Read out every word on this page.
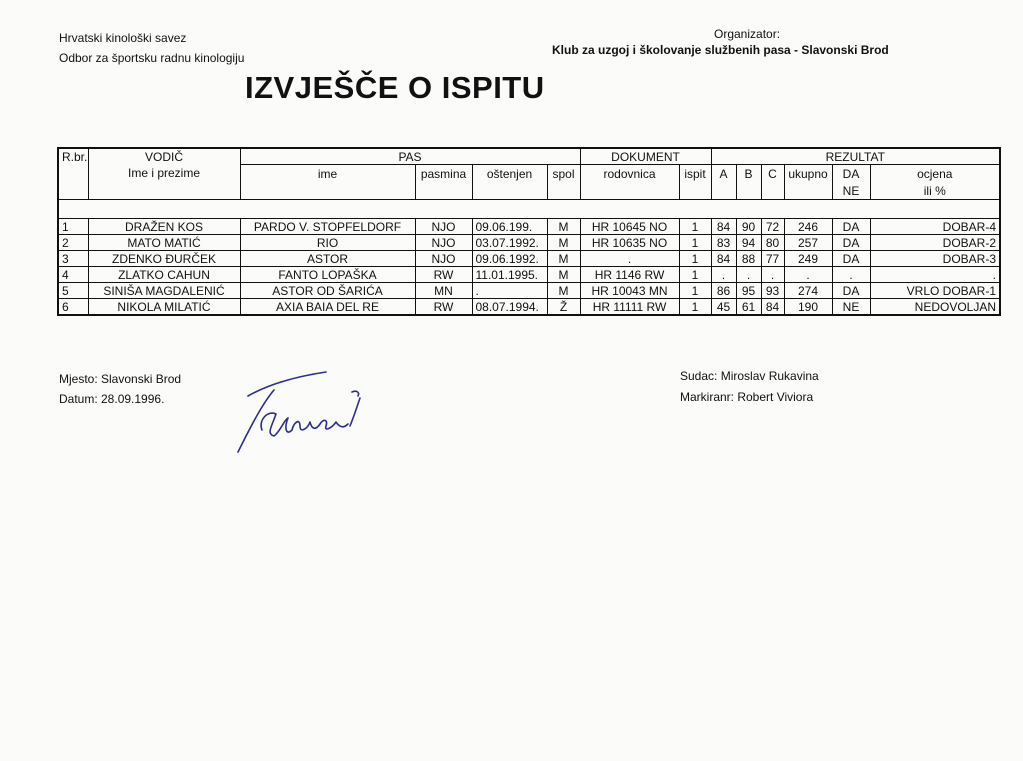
Hrvatski kinološki savez
Odbor za športsku radnu kinologiju
Organizator:
Klub za uzgoj i školovanje službenih pasa - Slavonski Brod
IZVJEŠČE O ISPITU
R.br.	VODIČ	PAS				DOKUMENT		REZULTAT					
	Ime i prezime	ime	pasmina	oštenjen	spol	rodovnica	ispit	A	B	C	ukupno	DA	ocjena
												NE	ili %

1	DRAŽEN KOS	PARDO V. STOPFELDORF	NJO	09.06.199.	M	HR 10645 NO	1	84	90	72	246	DA	DOBAR-4
2	MATO MATIĆ	RIO	NJO	03.07.1992.	M	HR 10635 NO	1	83	94	80	257	DA	DOBAR-2
3	ZDENKO ĐURČEK	ASTOR	NJO	09.06.1992.	M	.	1	84	88	77	249	DA	DOBAR-3
4	ZLATKO CAHUN	FANTO LOPAŠKA	RW	11.01.1995.	M	HR 1146 RW	1	.	.	.	.	.	.
5	SINIŠA MAGDALENIĆ	ASTOR OD ŠARIĆA	MN	.	M	HR 10043 MN	1	86	95	93	274	DA	VRLO DOBAR-1
6	NIKOLA MILATIĆ	AXIA BAIA DEL RE	RW	08.07.1994.	Ž	HR 11111 RW	1	45	61	84	190	NE	NEDOVOLJAN
Mjesto: Slavonski Brod
Datum: 28.09.1996.
Sudac: Miroslav Rukavina
Markiranr: Robert Viviora
